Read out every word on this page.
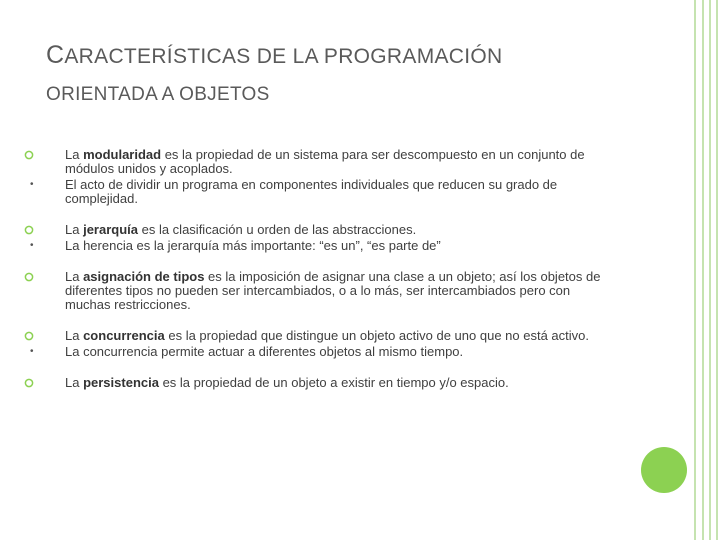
CARACTERÍSTICAS DE LA PROGRAMACIÓN
ORIENTADA A OBJETOS
La modularidad es la propiedad de un sistema para ser descompuesto en un conjunto de módulos unidos y acoplados.
•	El acto de dividir un programa en componentes individuales que reducen su grado de complejidad.
La jerarquía es la clasificación u orden de las abstracciones.
•	La herencia es la jerarquía más importante: “es un”, “es parte de”
La asignación de tipos es la imposición de asignar una clase a un objeto; así los objetos de diferentes tipos no pueden ser intercambiados, o a lo más, ser intercambiados pero con muchas restricciones.
La concurrencia es la propiedad que distingue un objeto activo de uno que no está activo.
•	La concurrencia permite actuar a diferentes objetos al mismo tiempo.
La persistencia es la propiedad de un objeto a existir en tiempo y/o espacio.
